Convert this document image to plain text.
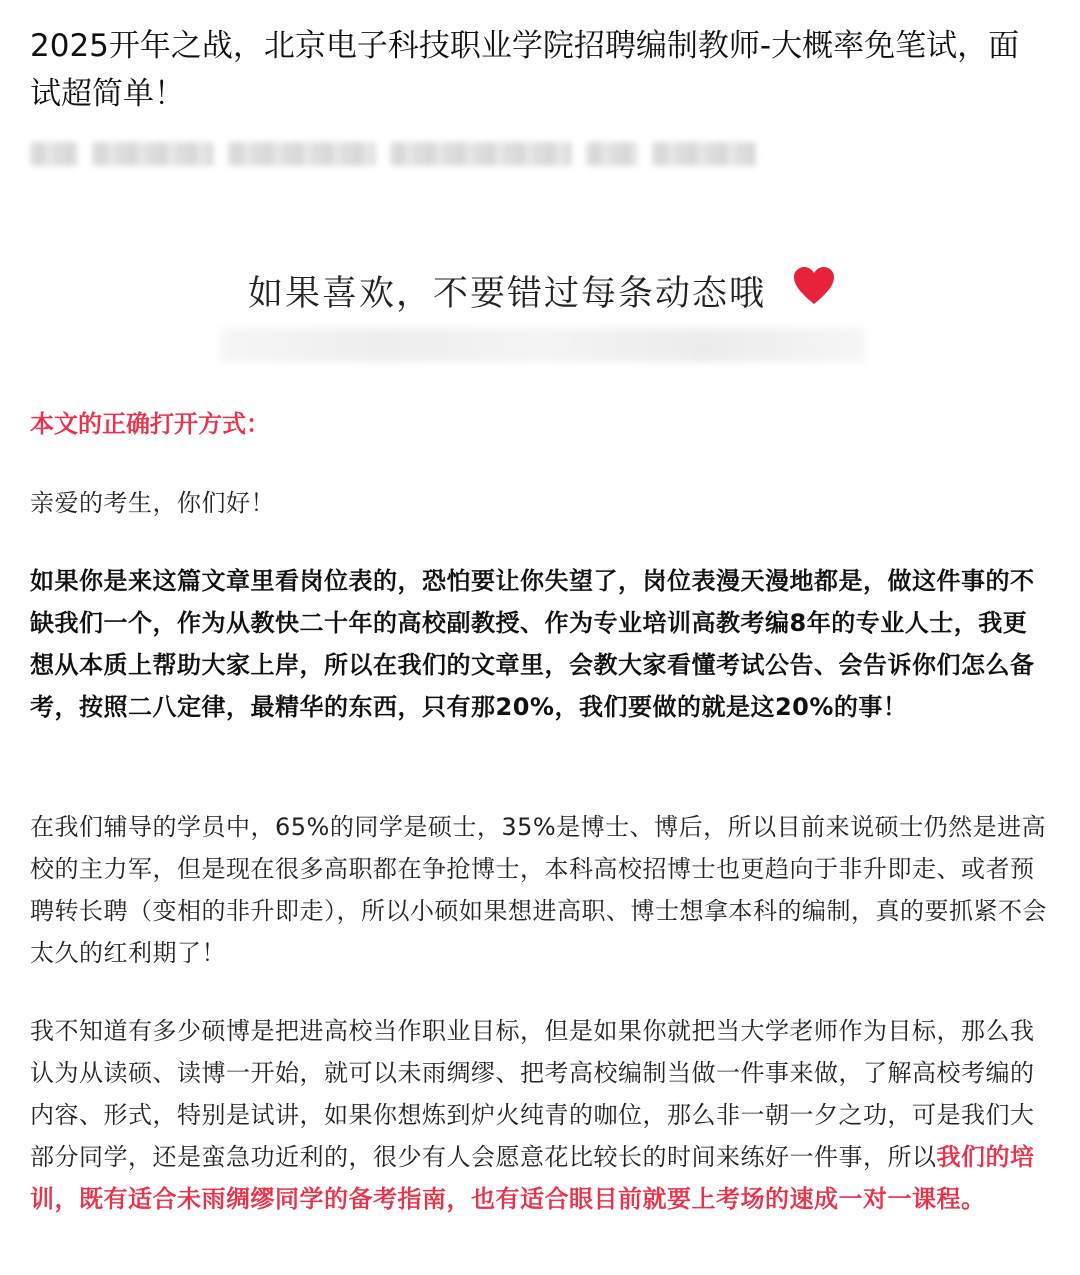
2025开年之战，北京电子科技职业学院招聘编制教师-大概率免笔试，面试超简单！
如果喜欢，不要错过每条动态哦
本文的正确打开方式：

亲爱的考生，你们好！

如果你是来这篇文章里看岗位表的，恐怕要让你失望了，岗位表漫天漫地都是，做这件事的不缺我们一个，作为从教快二十年的高校副教授、作为专业培训高教考编8年的专业人士，我更想从本质上帮助大家上岸，所以在我们的文章里，会教大家看懂考试公告、会告诉你们怎么备考，按照二八定律，最精华的东西，只有那20%，我们要做的就是这20%的事！

在我们辅导的学员中，65%的同学是硕士，35%是博士、博后，所以目前来说硕士仍然是进高校的主力军，但是现在很多高职都在争抢博士，本科高校招博士也更趋向于非升即走、或者预聘转长聘（变相的非升即走），所以小硕如果想进高职、博士想拿本科的编制，真的要抓紧不会太久的红利期了！

我不知道有多少硕博是把进高校当作职业目标，但是如果你就把当大学老师作为目标，那么我认为从读硕、读博一开始，就可以未雨绸缪、把考高校编制当做一件事来做，了解高校考编的内容、形式，特别是试讲，如果你想炼到炉火纯青的咖位，那么非一朝一夕之功，可是我们大部分同学，还是蛮急功近利的，很少有人会愿意花比较长的时间来练好一件事，所以我们的培训，既有适合未雨绸缪同学的备考指南，也有适合眼目前就要上考场的速成一对一课程。
